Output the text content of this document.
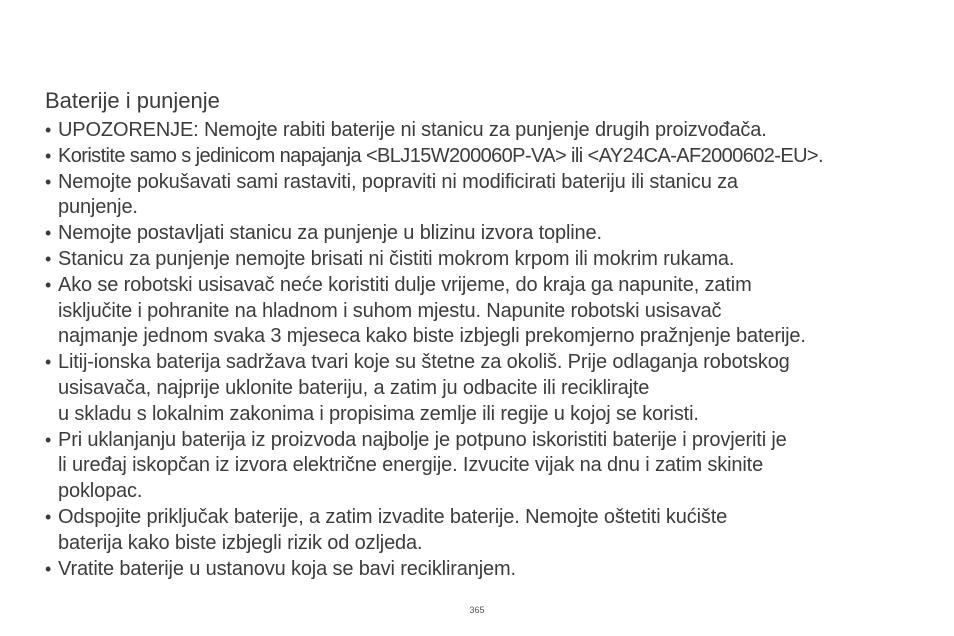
Baterije i punjenje
• UPOZORENJE: Nemojte rabiti baterije ni stanicu za punjenje drugih proizvođača.
• Koristite samo s jedinicom napajanja <BLJ15W200060P-VA> ili <AY24CA-AF2000602-EU>.
• Nemojte pokušavati sami rastaviti, popraviti ni modificirati bateriju ili stanicu za
punjenje.
• Nemojte postavljati stanicu za punjenje u blizinu izvora topline.
• Stanicu za punjenje nemojte brisati ni čistiti mokrom krpom ili mokrim rukama.
• Ako se robotski usisavač neće koristiti dulje vrijeme, do kraja ga napunite, zatim
isključite i pohranite na hladnom i suhom mjestu. Napunite robotski usisavač
najmanje jednom svaka 3 mjeseca kako biste izbjegli prekomjerno pražnjenje baterije.
• Litij-ionska baterija sadržava tvari koje su štetne za okoliš. Prije odlaganja robotskog
usisavača, najprije uklonite bateriju, a zatim ju odbacite ili reciklirajte
u skladu s lokalnim zakonima i propisima zemlje ili regije u kojoj se koristi.
• Pri uklanjanju baterija iz proizvoda najbolje je potpuno iskoristiti baterije i provjeriti je
li uređaj iskopčan iz izvora električne energije. Izvucite vijak na dnu i zatim skinite
poklopac.
• Odspojite priključak baterije, a zatim izvadite baterije. Nemojte oštetiti kućište
baterija kako biste izbjegli rizik od ozljeda.
• Vratite baterije u ustanovu koja se bavi recikliranjem.
365
